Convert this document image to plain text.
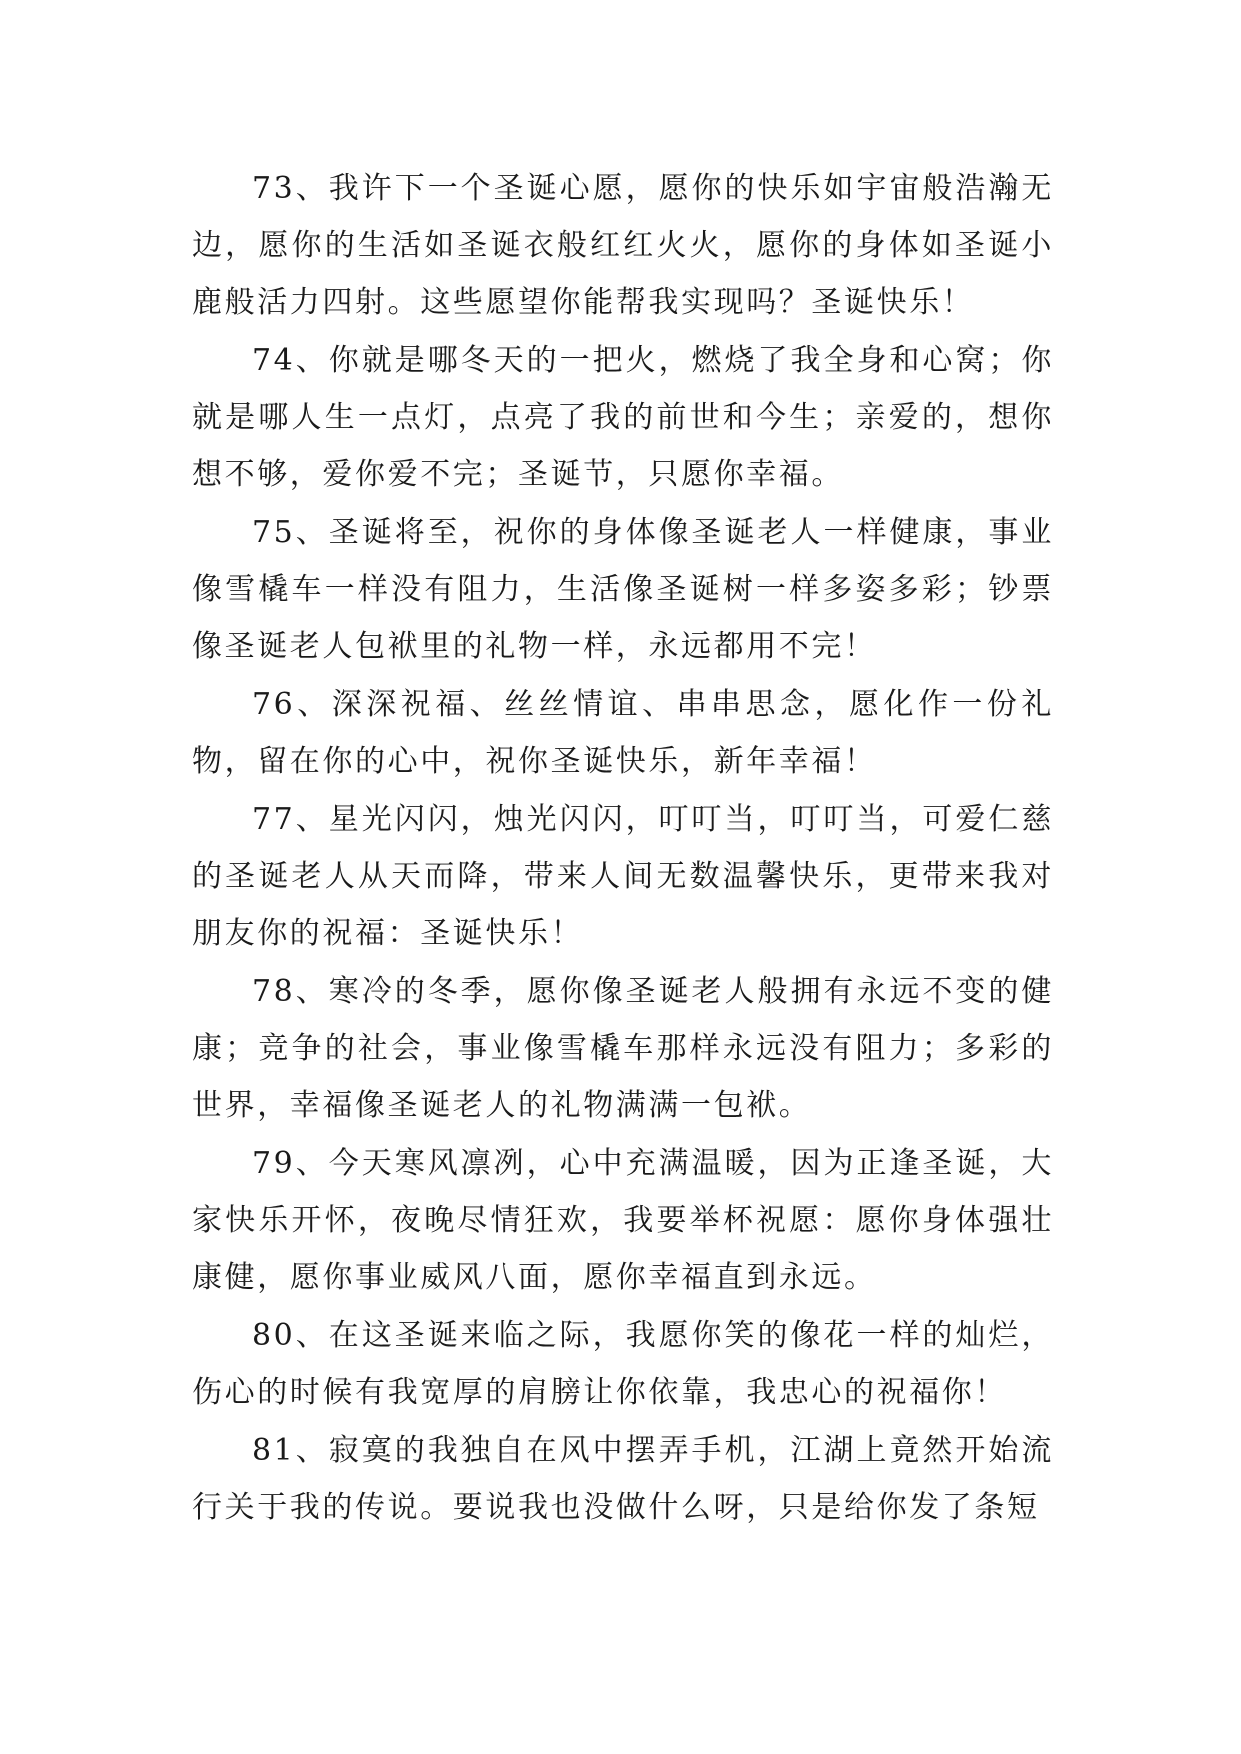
73、我许下一个圣诞心愿，愿你的快乐如宇宙般浩瀚无边，愿你的生活如圣诞衣般红红火火，愿你的身体如圣诞小鹿般活力四射。这些愿望你能帮我实现吗？圣诞快乐！

74、你就是哪冬天的一把火，燃烧了我全身和心窝；你就是哪人生一点灯，点亮了我的前世和今生；亲爱的，想你想不够，爱你爱不完；圣诞节，只愿你幸福。

75、圣诞将至，祝你的身体像圣诞老人一样健康，事业像雪橇车一样没有阻力，生活像圣诞树一样多姿多彩；钞票像圣诞老人包袱里的礼物一样，永远都用不完！

76、深深祝福、丝丝情谊、串串思念，愿化作一份礼物，留在你的心中，祝你圣诞快乐，新年幸福！

77、星光闪闪，烛光闪闪，叮叮当，叮叮当，可爱仁慈的圣诞老人从天而降，带来人间无数温馨快乐，更带来我对朋友你的祝福：圣诞快乐！

78、寒冷的冬季，愿你像圣诞老人般拥有永远不变的健康；竞争的社会，事业像雪橇车那样永远没有阻力；多彩的世界，幸福像圣诞老人的礼物满满一包袱。

79、今天寒风凛冽，心中充满温暖，因为正逢圣诞，大家快乐开怀，夜晚尽情狂欢，我要举杯祝愿：愿你身体强壮康健，愿你事业威风八面，愿你幸福直到永远。

80、在这圣诞来临之际，我愿你笑的像花一样的灿烂，伤心的时候有我宽厚的肩膀让你依靠，我忠心的祝福你！

81、寂寞的我独自在风中摆弄手机，江湖上竟然开始流行关于我的传说。要说我也没做什么呀，只是给你发了条短
